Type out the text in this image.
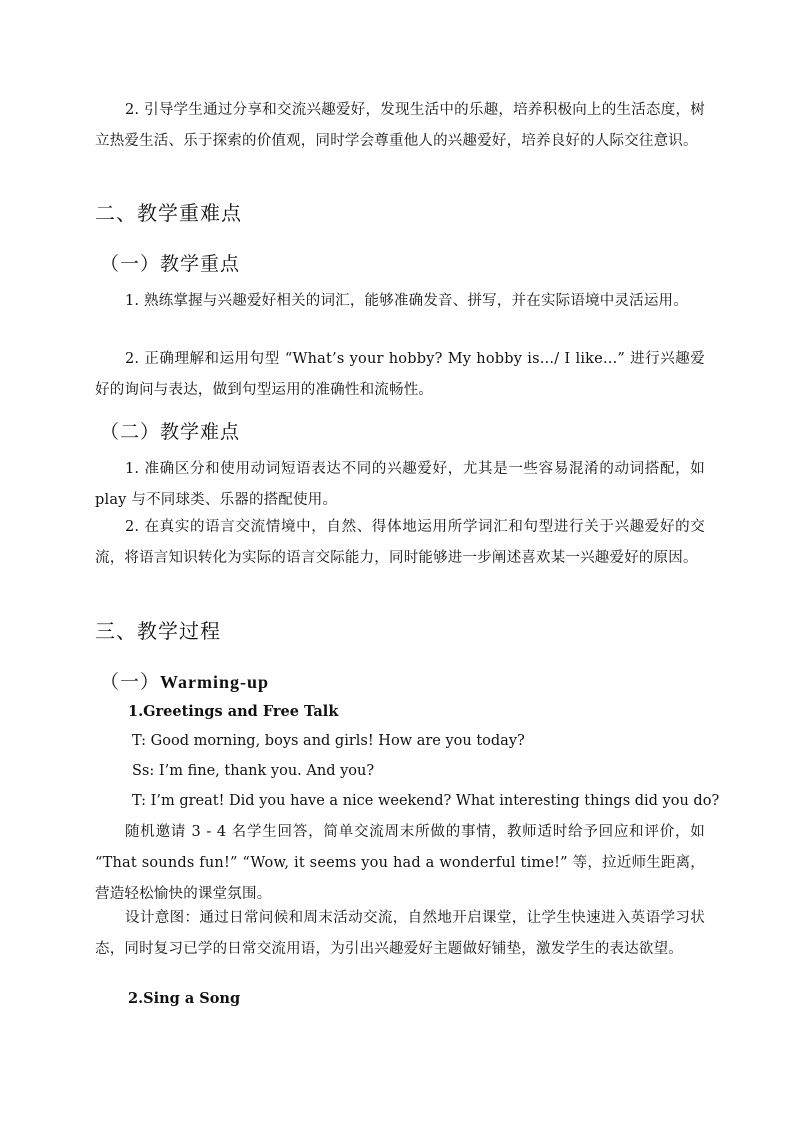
2. 引导学生通过分享和交流兴趣爱好，发现生活中的乐趣，培养积极向上的生活态度，树立热爱生活、乐于探索的价值观，同时学会尊重他人的兴趣爱好，培养良好的人际交往意识。
二、教学重难点
（一）教学重点
1. 熟练掌握与兴趣爱好相关的词汇，能够准确发音、拼写，并在实际语境中灵活运用。
2. 正确理解和运用句型 “What’s your hobby? My hobby is.../ I like...” 进行兴趣爱好的询问与表达，做到句型运用的准确性和流畅性。
（二）教学难点
1. 准确区分和使用动词短语表达不同的兴趣爱好，尤其是一些容易混淆的动词搭配，如 play 与不同球类、乐器的搭配使用。
2. 在真实的语言交流情境中，自然、得体地运用所学词汇和句型进行关于兴趣爱好的交流，将语言知识转化为实际的语言交际能力，同时能够进一步阐述喜欢某一兴趣爱好的原因。
三、教学过程
（一）Warming-up
1.Greetings and Free Talk
T: Good morning, boys and girls! How are you today?
Ss: I’m fine, thank you. And you?
T: I’m great! Did you have a nice weekend? What interesting things did you do?
随机邀请 3 - 4 名学生回答，简单交流周末所做的事情，教师适时给予回应和评价，如 “That sounds fun!” “Wow, it seems you had a wonderful time!” 等，拉近师生距离，营造轻松愉快的课堂氛围。
设计意图：通过日常问候和周末活动交流，自然地开启课堂，让学生快速进入英语学习状态，同时复习已学的日常交流用语，为引出兴趣爱好主题做好铺垫，激发学生的表达欲望。
2.Sing a Song
